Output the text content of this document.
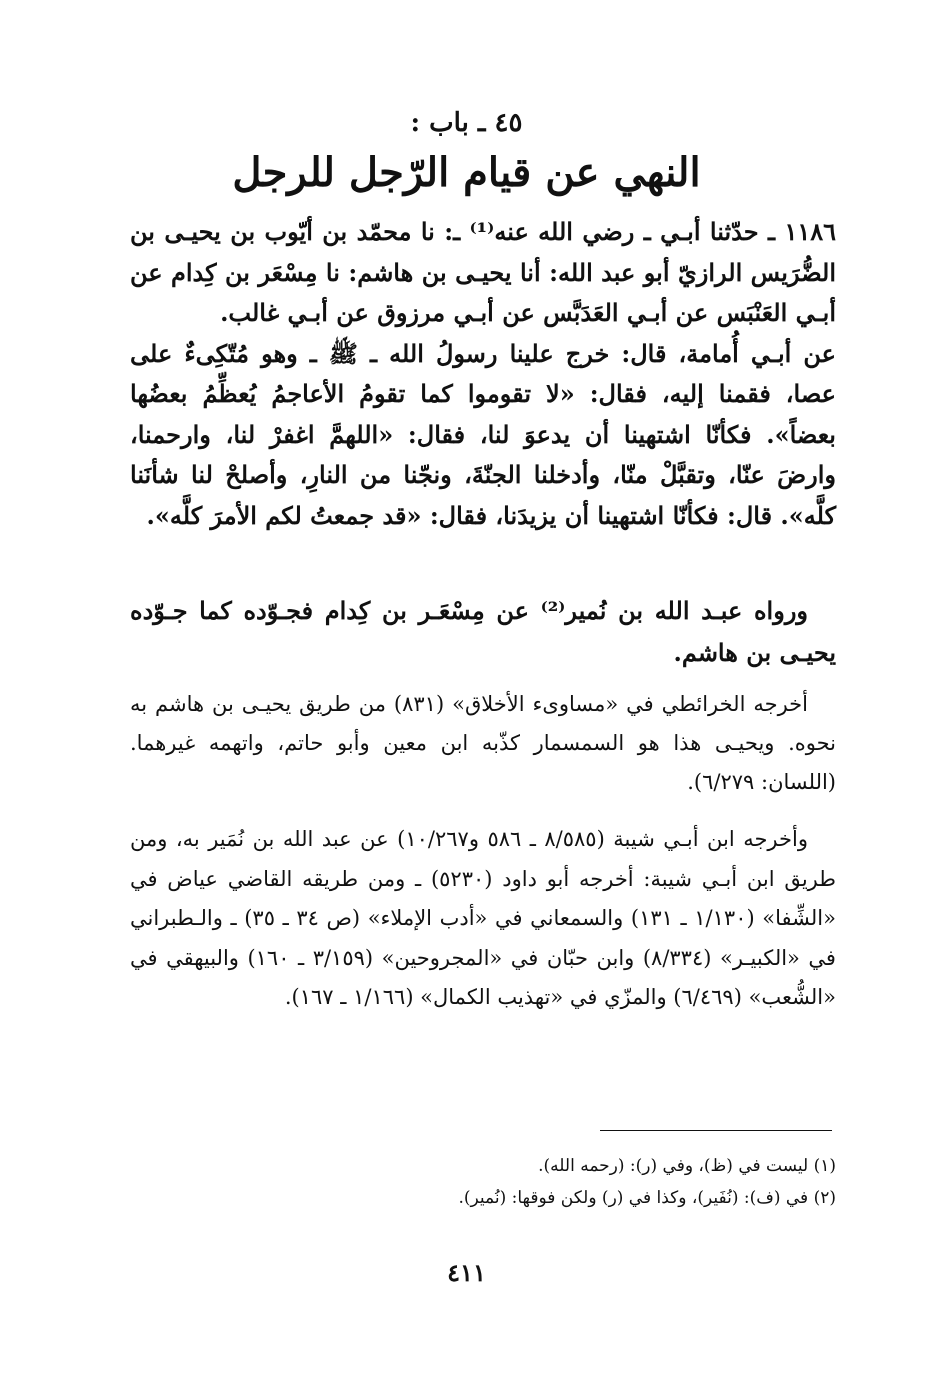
٤٥ ـ باب :
النهي عن قيام الرّجل للرجل

١١٨٦ ـ حدّثنا أبـي ـ رضي الله عنه⁽¹⁾ ـ: نا محمّد بن أيّوب بن يحيـى بن الضُّرَيس الرازيّ أبو عبد الله: أنا يحيـى بن هاشم: نا مِسْعَر بن كِدام عن أبـي العَنْبَس عن أبـي العَدَبَّس عن أبـي مرزوق عن أبـي غالب.

عن أبـي أُمامة، قال: خرج علينا رسولُ الله ـ ﷺ ـ وهو مُتّكِىءٌ على عصا، فقمنا إليه، فقال: «لا تقوموا كما تقومُ الأعاجمُ يُعظِّمُ بعضُها بعضاً». فكأنّا اشتهينا أن يدعوَ لنا، فقال: «اللهمَّ اغفرْ لنا، وارحمنا، وارضَ عنّا، وتقبَّلْ منّا، وأدخلنا الجنّةَ، ونجّنا من النارِ، وأصلحْ لنا شأنَنا كلَّه». قال: فكأنّا اشتهينا أن يزيدَنا، فقال: «قد جمعتُ لكم الأمرَ كلَّه».

ورواه عبـد الله بن نُمير⁽²⁾ عن مِسْعَـر بن كِدام فجـوّده كما جـوّده يحيـى بن هاشم.

أخرجه الخرائطي في «مساوىء الأخلاق» (٨٣١) من طريق يحيـى بن هاشم به نحوه. ويحيـى هذا هو السمسمار كذّبه ابن معين وأبو حاتم، واتهمه غيرهما. (اللسان: ٦/٢٧٩).

وأخرجه ابن أبـي شيبة (٨/٥٨٥ ـ ٥٨٦ و١٠/٢٦٧) عن عبد الله بن نُمَير به، ومن طريق ابن أبـي شيبة: أخرجه أبو داود (٥٢٣٠) ـ ومن طريقه القاضي عياض في «الشِّفا» (١/١٣٠ ـ ١٣١) والسمعاني في «أدب الإملاء» (ص ٣٤ ـ ٣٥) ـ والـطبراني في «الكبيـر» (٨/٣٣٤) وابن حبّان في «المجروحين» (٣/١٥٩ ـ ١٦٠) والبيهقي في «الشُّعب» (٦/٤٦٩) والمزّي في «تهذيب الكمال» (١/١٦٦ ـ ١٦٧).

(١) ليست في (ظ)، وفي (ر): (رحمه الله).
(٢) في (ف): (نُفَير)، وكذا في (ر) ولكن فوقها: (نُمير).
٤١١
